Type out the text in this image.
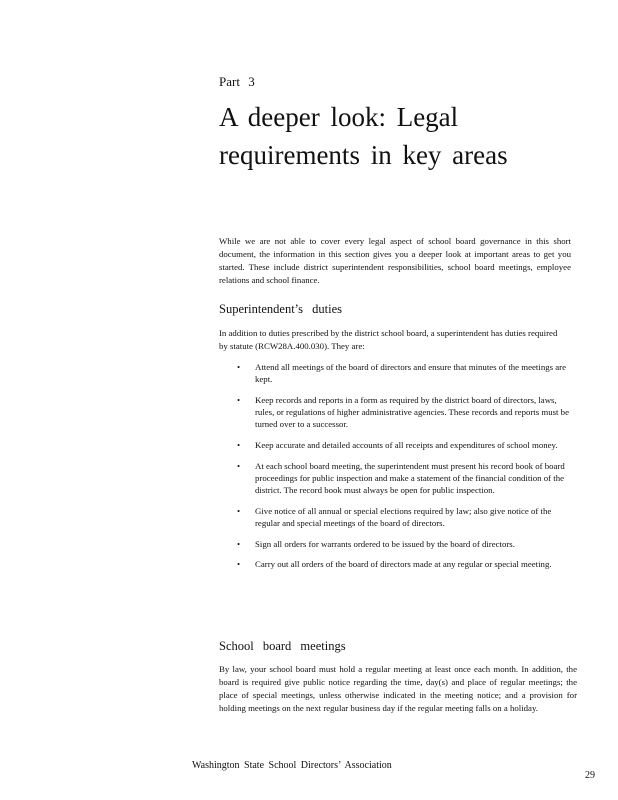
Part 3
A deeper look: Legal
requirements in key areas

While we are not able to cover every legal aspect of school board governance in this short document, the information in this section gives you a deeper look at important areas to get you started. These include district superintendent responsibilities, school board meetings, employee relations and school finance.

Superintendent’s duties

In addition to duties prescribed by the district school board, a superintendent has duties required by statute (RCW28A.400.030). They are:

• Attend all meetings of the board of directors and ensure that minutes of the meetings are kept.
• Keep records and reports in a form as required by the district board of directors, laws, rules, or regulations of higher administrative agencies. These records and reports must be turned over to a successor.
• Keep accurate and detailed accounts of all receipts and expenditures of school money.
• At each school board meeting, the superintendent must present his record book of board proceedings for public inspection and make a statement of the financial condition of the district. The record book must always be open for public inspection.
• Give notice of all annual or special elections required by law; also give notice of the regular and special meetings of the board of directors.
• Sign all orders for warrants ordered to be issued by the board of directors.
• Carry out all orders of the board of directors made at any regular or special meeting.
School board meetings

By law, your school board must hold a regular meeting at least once each month. In addition, the board is required give public notice regarding the time, day(s) and place of regular meetings; the place of special meetings, unless otherwise indicated in the meeting notice; and a provision for holding meetings on the next regular business day if the regular meeting falls on a holiday.

Washington State School Directors’ Association
29
